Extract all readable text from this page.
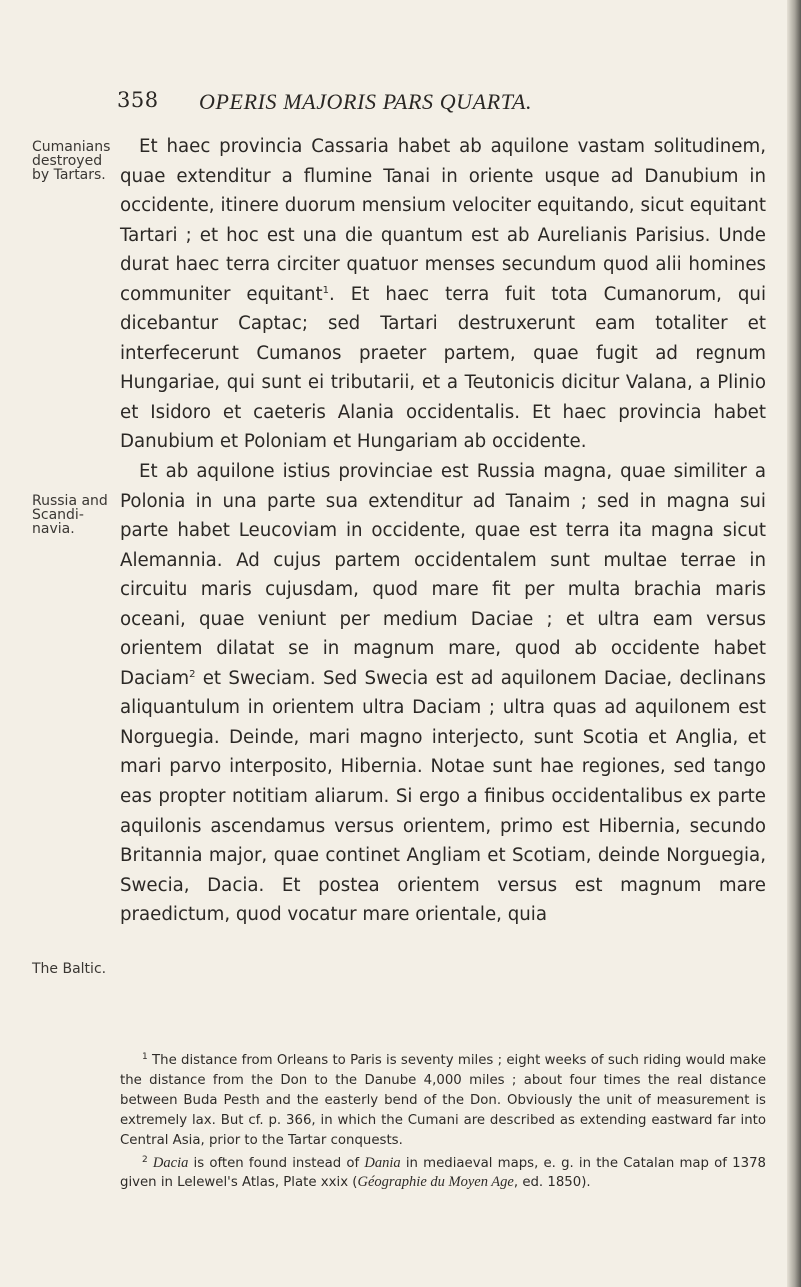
358 OPERIS MAJORIS PARS QUARTA.
Cumanians
destroyed
by Tartars.
Russia and
Scandi-
navia.
The Baltic.

Et haec provincia Cassaria habet ab aquilone vastam solitudinem, quae extenditur a flumine Tanai in oriente usque ad Danubium in occidente, itinere duorum mensium velociter equitando, sicut equitant Tartari ; et hoc est una die quantum est ab Aurelianis Parisius. Unde durat haec terra circiter quatuor menses secundum quod alii homines communiter equitant$^1$. Et haec terra fuit tota Cumanorum, qui dicebantur Captac; sed Tartari destruxerunt eam totaliter et interfecerunt Cumanos praeter partem, quae fugit ad regnum Hungariae, qui sunt ei tributarii, et a Teutonicis dicitur Valana, a Plinio et Isidoro et caeteris Alania occidentalis. Et haec provincia habet Danubium et Poloniam et Hungariam ab occidente.

Et ab aquilone istius provinciae est Russia magna, quae similiter a Polonia in una parte sua extenditur ad Tanaim ; sed in magna sui parte habet Leucoviam in occidente, quae est terra ita magna sicut Alemannia. Ad cujus partem occidentalem sunt multae terrae in circuitu maris cujusdam, quod mare fit per multa brachia maris oceani, quae veniunt per medium Daciae ; et ultra eam versus orientem dilatat se in magnum mare, quod ab occidente habet Daciam$^2$ et Sweciam. Sed Swecia est ad aquilonem Daciae, declinans aliquantulum in orientem ultra Daciam ; ultra quas ad aquilonem est Norguegia. Deinde, mari magno interjecto, sunt Scotia et Anglia, et mari parvo interposito, Hibernia. Notae sunt hae regiones, sed tango eas propter notitiam aliarum. Si ergo a finibus occidentalibus ex parte aquilonis ascendamus versus orientem, primo est Hibernia, secundo Britannia major, quae continet Angliam et Scotiam, deinde Norguegia, Swecia, Dacia. Et postea orientem versus est magnum mare praedictum, quod vocatur mare orientale, quia

$^1$ The distance from Orleans to Paris is seventy miles ; eight weeks of such riding would make the distance from the Don to the Danube 4,000 miles ; about four times the real distance between Buda Pesth and the easterly bend of the Don. Obviously the unit of measurement is extremely lax. But cf. p. 366, in which the Cumani are described as extending eastward far into Central Asia, prior to the Tartar conquests.

$^2$ Dacia is often found instead of Dania in mediaeval maps, e. g. in the Catalan map of 1378 given in Lelewel's Atlas, Plate xxix (Géographie du Moyen Age, ed. 1850).
